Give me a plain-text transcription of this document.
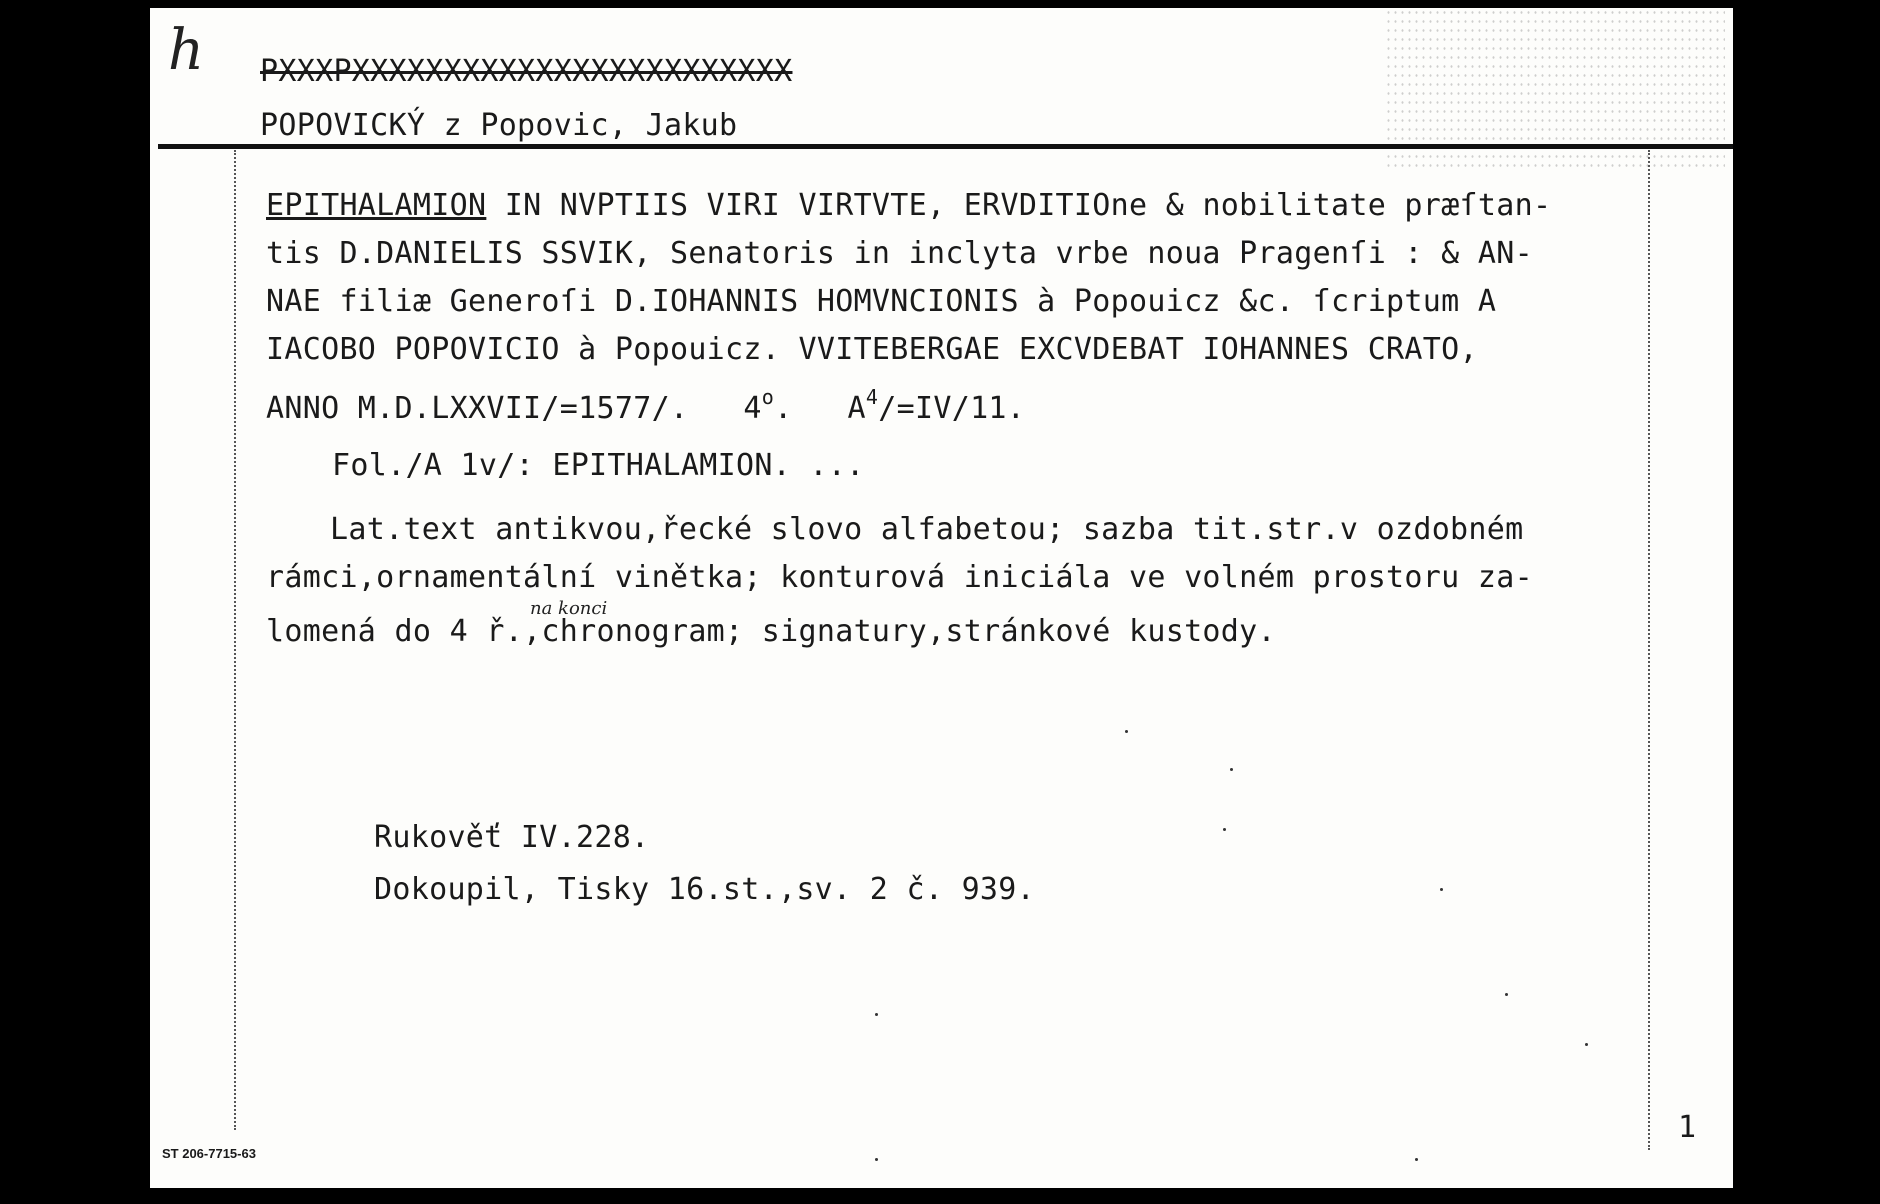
h PXXXPXXXXXXXXXXXXXXXXXXXXXXXX
POPOVICKÝ z Popovic, Jakub
EPITHALAMION IN NVPTIIS VIRI VIRTVTE, ERVDITIOne & nobilitate præſtan-
tis D.DANIELIS SSVIK, Senatoris in inclyta vrbe noua Pragenſi : & AN-
NAE filiæ Generoſi D.IOHANNIS HOMVNCIONIS à Popouicz &c. ſcriptum A
IACOBO POPOVICIO à Popouicz. VVITEBERGAE EXCVDEBAT IOHANNES CRATO,
ANNO M.D.LXXVII/=1577/.   4$^o$.   $A^4/=IV/11$.
Fol./A 1v/: EPITHALAMION. ...
Lat.text antikvou,řecké slovo alfabetou; sazba tit.str.v ozdobném
rámci,ornamentální vinětka; konturová iniciála ve volném prostoru za-
na konci
lomená do 4 ř.,chronogram; signatury,stránkové kustody.
Rukověť IV.228.
Dokoupil, Tisky 16.st.,sv. 2 č. 939.
1
ST 206-7715-63
